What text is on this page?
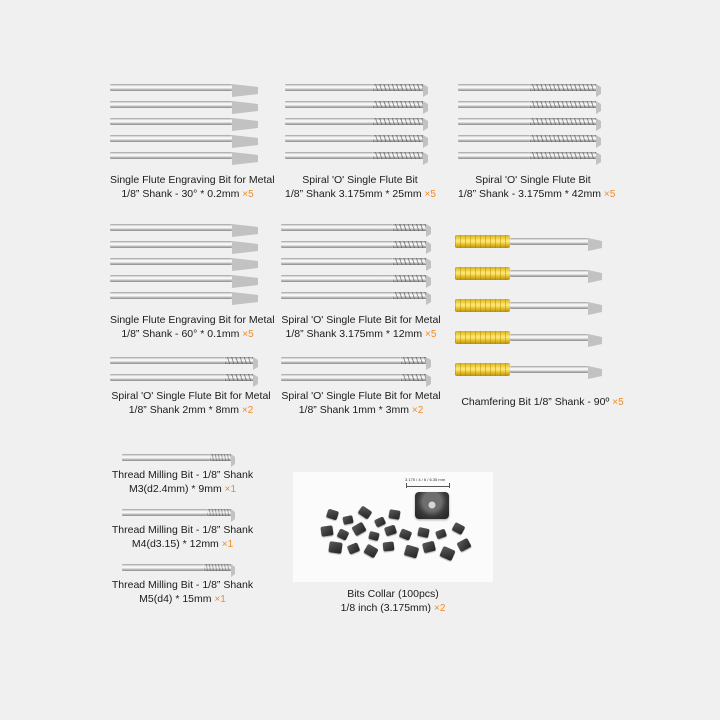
Single Flute Engraving Bit for Metal
1/8” Shank - 30° * 0.2mm ×5
Spiral 'O' Single Flute Bit
1/8” Shank 3.175mm * 25mm ×5
Spiral 'O' Single Flute Bit
1/8” Shank - 3.175mm * 42mm ×5
Single Flute Engraving Bit for Metal
1/8” Shank - 60° * 0.1mm ×5
Spiral 'O' Single Flute Bit for Metal
1/8” Shank 3.175mm * 12mm ×5
Spiral 'O' Single Flute Bit for Metal
1/8” Shank 2mm * 8mm ×2
Spiral 'O' Single Flute Bit for Metal
1/8” Shank 1mm * 3mm ×2
Chamfering Bit 1/8” Shank - 90º ×5
Thread Milling Bit - 1/8” Shank
M3(d2.4mm) * 9mm ×1
Thread Milling Bit - 1/8” Shank
M4(d3.15) * 12mm ×1
Thread Milling Bit - 1/8” Shank
M5(d4) * 15mm ×1
3.175 / 4 / 6 / 6.35 mm
Bits Collar (100pcs)
1/8 inch (3.175mm) ×2
